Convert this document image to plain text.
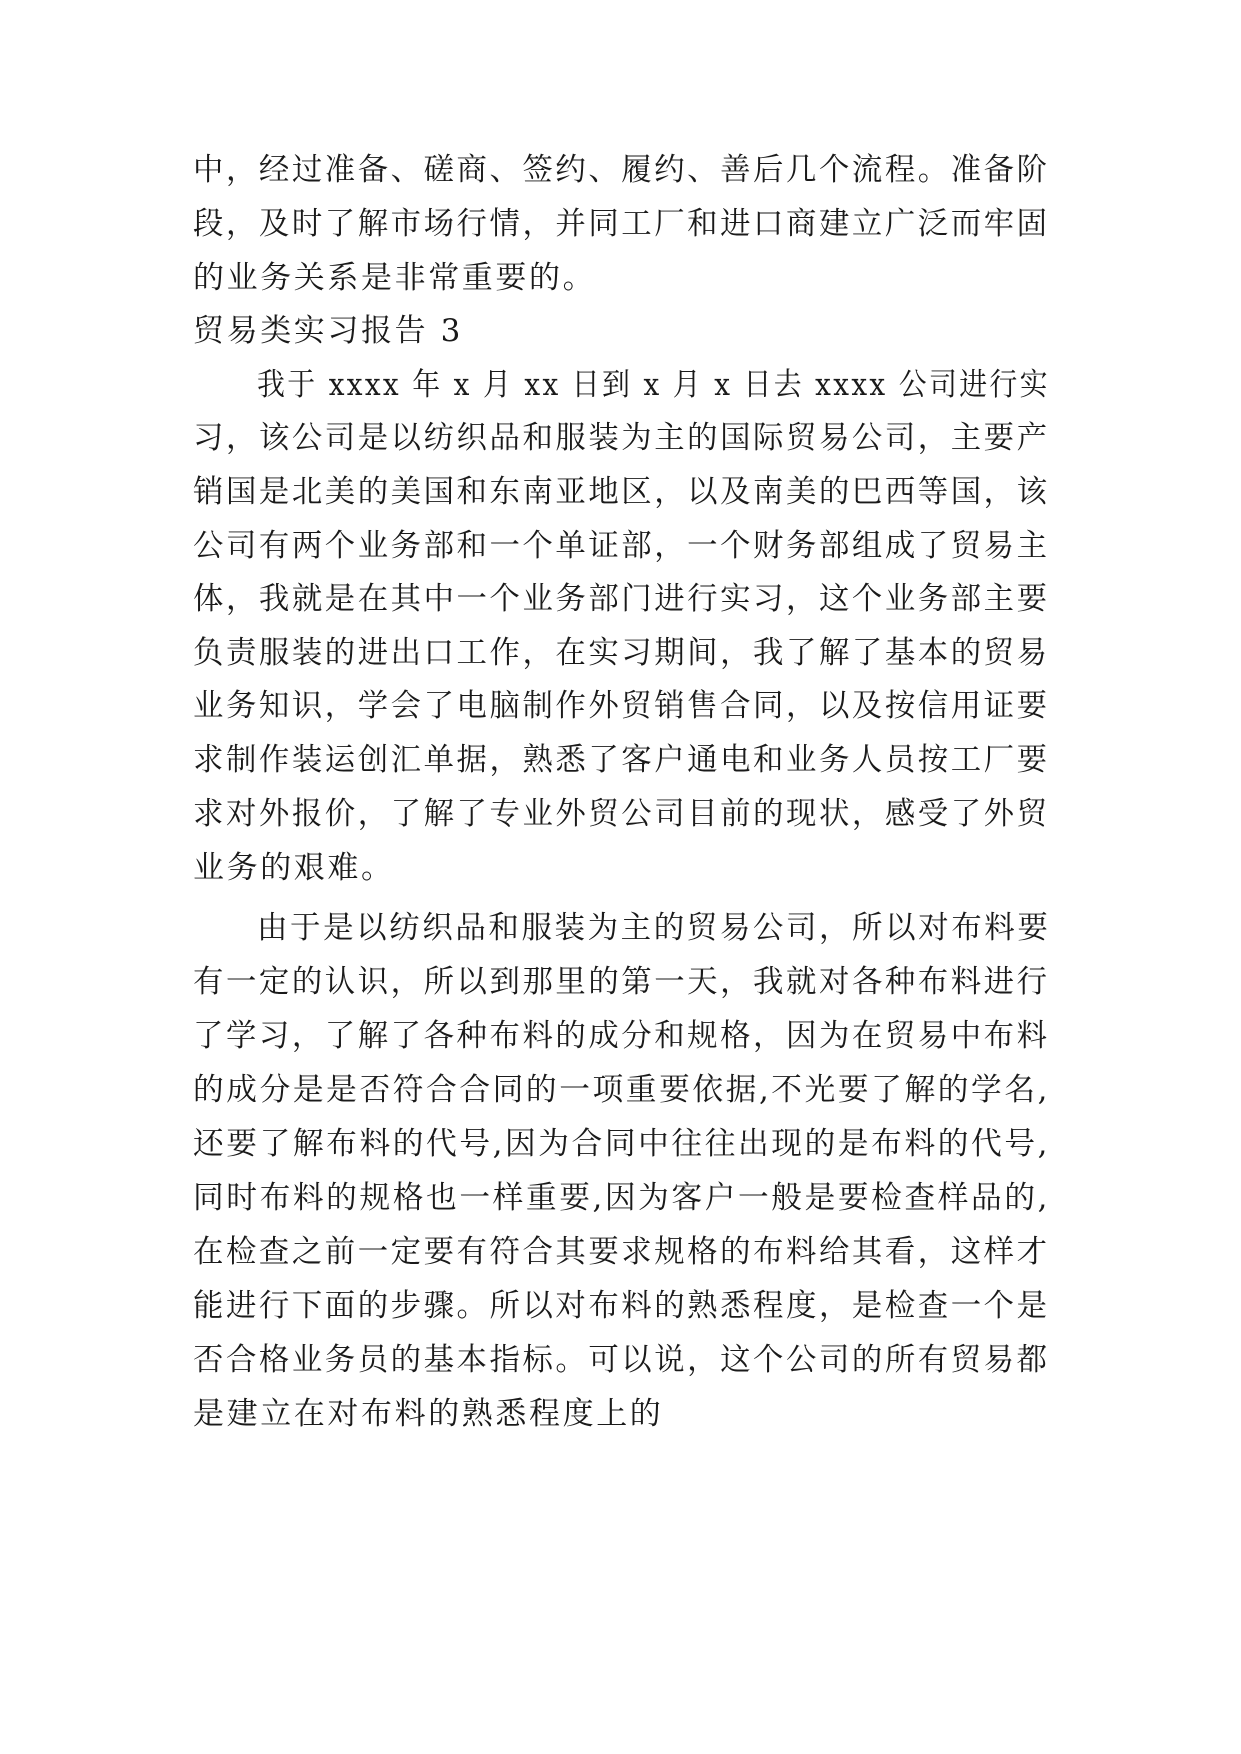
中，经过准备、磋商、签约、履约、善后几个流程。准备阶
段，及时了解市场行情，并同工厂和进口商建立广泛而牢固
的业务关系是非常重要的。
贸易类实习报告 3
我于 xxxx 年 x 月 xx 日到 x 月 x 日去 xxxx 公司进行实
习，该公司是以纺织品和服装为主的国际贸易公司，主要产
销国是北美的美国和东南亚地区，以及南美的巴西等国，该
公司有两个业务部和一个单证部，一个财务部组成了贸易主
体，我就是在其中一个业务部门进行实习，这个业务部主要
负责服装的进出口工作，在实习期间，我了解了基本的贸易
业务知识，学会了电脑制作外贸销售合同，以及按信用证要
求制作装运创汇单据，熟悉了客户通电和业务人员按工厂要
求对外报价，了解了专业外贸公司目前的现状，感受了外贸
业务的艰难。
由于是以纺织品和服装为主的贸易公司，所以对布料要
有一定的认识，所以到那里的第一天，我就对各种布料进行
了学习，了解了各种布料的成分和规格，因为在贸易中布料
的成分是是否符合合同的一项重要依据,不光要了解的学名,
还要了解布料的代号,因为合同中往往出现的是布料的代号,
同时布料的规格也一样重要,因为客户一般是要检查样品的,
在检查之前一定要有符合其要求规格的布料给其看，这样才
能进行下面的步骤。所以对布料的熟悉程度，是检查一个是
否合格业务员的基本指标。可以说，这个公司的所有贸易都
是建立在对布料的熟悉程度上的
